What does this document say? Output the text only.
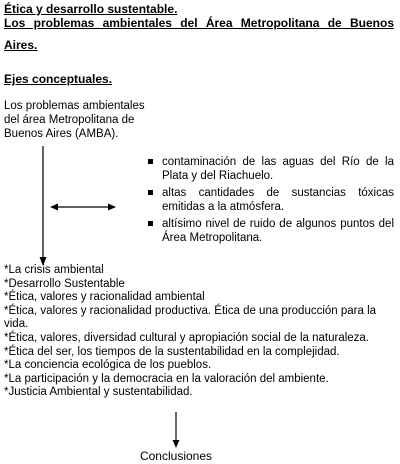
Ética y desarrollo sustentable.
Los problemas ambientales del Área Metropolitana de Buenos
Aires.
Ejes conceptuales.
Los problemas ambientales
del área Metropolitana de
Buenos Aires (AMBA).
contaminación de las aguas del Río de la Plata y del Riachuelo.
altas cantidades de sustancias tóxicas emitidas a la atmósfera.
altísimo nivel de ruido de algunos puntos del Área Metropolitana.
*La crisis ambiental
*Desarrollo Sustentable
*Ética, valores y racionalidad ambiental
*Ética, valores y racionalidad productiva. Ética de una producción para la vida.
*Ética, valores, diversidad cultural y apropiación social de la naturaleza.
*Ética del ser, los tiempos de la sustentabilidad en la complejidad.
*La conciencia ecológica de los pueblos.
*La participación y la democracia en la valoración del ambiente.
*Justicia Ambiental y sustentabilidad.
Conclusiones
